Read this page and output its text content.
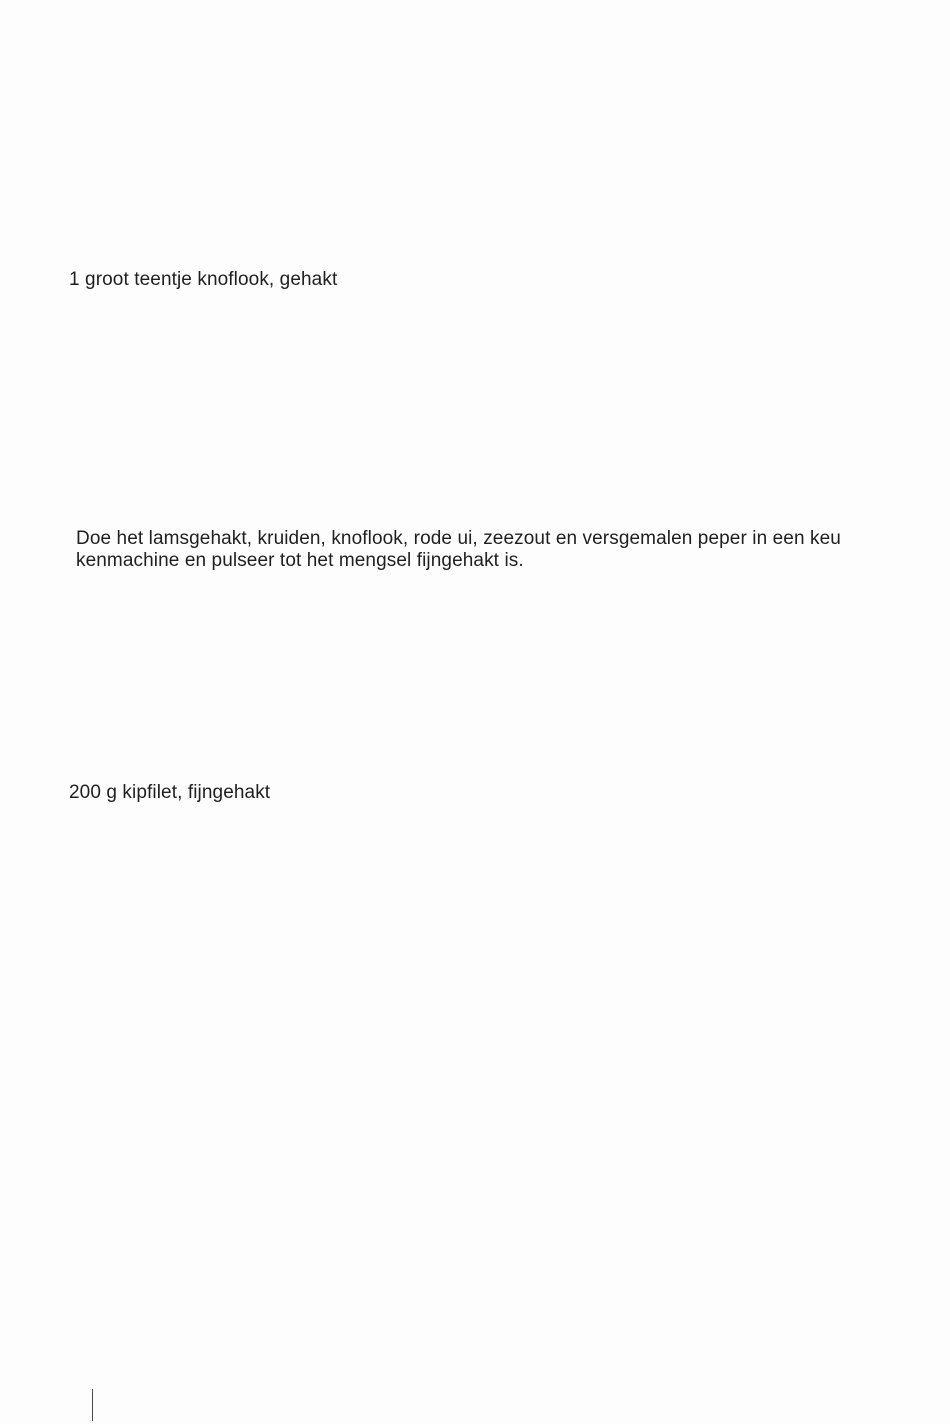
1 groot teentje knoflook, gehakt

Doe het lamsgehakt, kruiden, knoflook, rode ui, zeezout en versgemalen peper in een keu
kenmachine en pulseer tot het mengsel fijngehakt is.

200 g kipfilet, fijngehakt
